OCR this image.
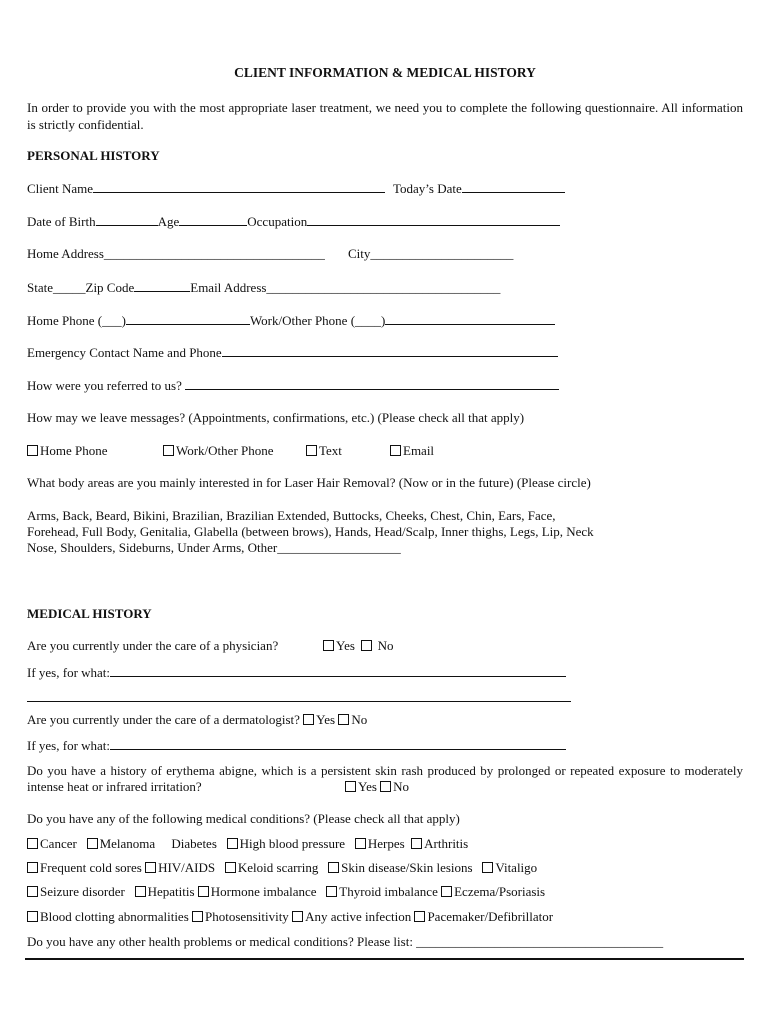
CLIENT INFORMATION & MEDICAL HISTORY
In order to provide you with the most appropriate laser treatment, we need you to complete the following questionnaire. All information is strictly confidential.
PERSONAL HISTORY
Client Name	Today’s Date
Date of Birth	Age	Occupation
Home Address__________________________________ City______________________
State_____Zip Code	Email Address____________________________________
Home Phone (___)	Work/Other Phone (____)
Emergency Contact Name and Phone
How were you referred to us?
How may we leave messages? (Appointments, confirmations, etc.) (Please check all that apply)
Home Phone	Work/Other Phone	Text	Email
What body areas are you mainly interested in for Laser Hair Removal? (Now or in the future) (Please circle)
Arms, Back, Beard, Bikini, Brazilian, Brazilian Extended, Buttocks, Cheeks, Chest, Chin, Ears, Face,
Forehead, Full Body, Genitalia, Glabella (between brows), Hands, Head/Scalp, Inner thighs, Legs, Lip, Neck
Nose, Shoulders, Sideburns, Under Arms, Other___________________
MEDICAL HISTORY
Are you currently under the care of a physician?	Yes No
If yes, for what:
Are you currently under the care of a dermatologist? Yes No
If yes, for what:
Do you have a history of erythema abigne, which is a persistent skin rash produced by prolonged or repeated exposure to moderately intense heat or infrared irritation?	Yes No
Do you have any of the following medical conditions? (Please check all that apply)
Cancer Melanoma Diabetes High blood pressure Herpes Arthritis
Frequent cold sores HIV/AIDS Keloid scarring Skin disease/Skin lesions Vitaligo
Seizure disorder Hepatitis Hormone imbalance Thyroid imbalance Eczema/Psoriasis
Blood clotting abnormalities Photosensitivity Any active infection Pacemaker/Defibrillator
Do you have any other health problems or medical conditions? Please list: ______________________________________
